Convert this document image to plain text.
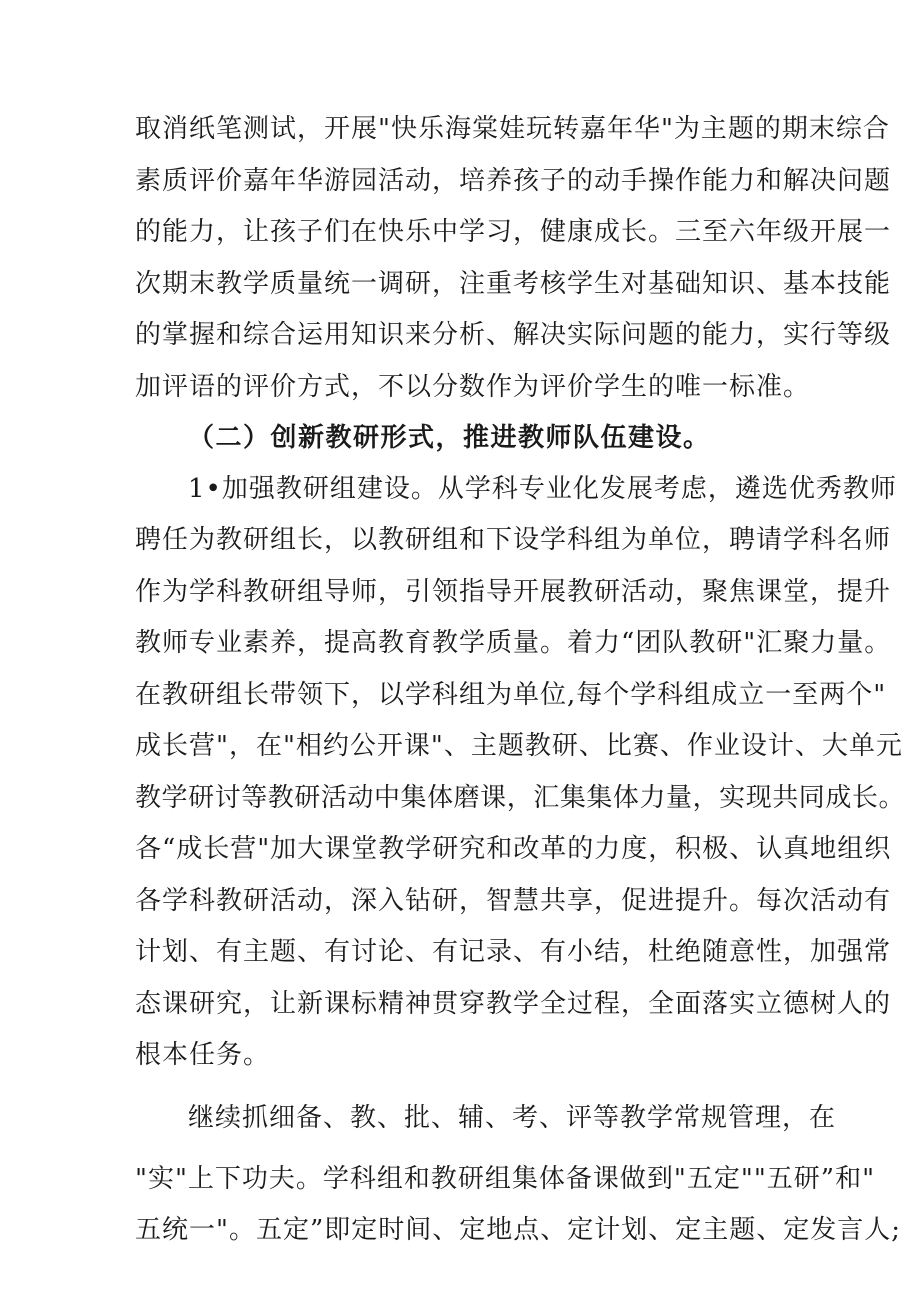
取消纸笔测试，开展"快乐海棠娃玩转嘉年华"为主题的期末综合
素质评价嘉年华游园活动，培养孩子的动手操作能力和解决问题
的能力，让孩子们在快乐中学习，健康成长。三至六年级开展一
次期末教学质量统一调研，注重考核学生对基础知识、基本技能
的掌握和综合运用知识来分析、解决实际问题的能力，实行等级
加评语的评价方式，不以分数作为评价学生的唯一标准。
（二）创新教研形式，推进教师队伍建设。
1•加强教研组建设。从学科专业化发展考虑，遴选优秀教师
聘任为教研组长，以教研组和下设学科组为单位，聘请学科名师
作为学科教研组导师，引领指导开展教研活动，聚焦课堂，提升
教师专业素养，提高教育教学质量。着力“团队教研"汇聚力量。
在教研组长带领下，以学科组为单位,每个学科组成立一至两个"
成长营"，在"相约公开课"、主题教研、比赛、作业设计、大单元
教学研讨等教研活动中集体磨课，汇集集体力量，实现共同成长。
各“成长营"加大课堂教学研究和改革的力度，积极、认真地组织
各学科教研活动，深入钻研，智慧共享，促进提升。每次活动有
计划、有主题、有讨论、有记录、有小结，杜绝随意性，加强常
态课研究，让新课标精神贯穿教学全过程，全面落实立德树人的
根本任务。
继续抓细备、教、批、辅、考、评等教学常规管理，在
"实"上下功夫。学科组和教研组集体备课做到"五定""五研”和"
五统一"。五定”即定时间、定地点、定计划、定主题、定发言人;
